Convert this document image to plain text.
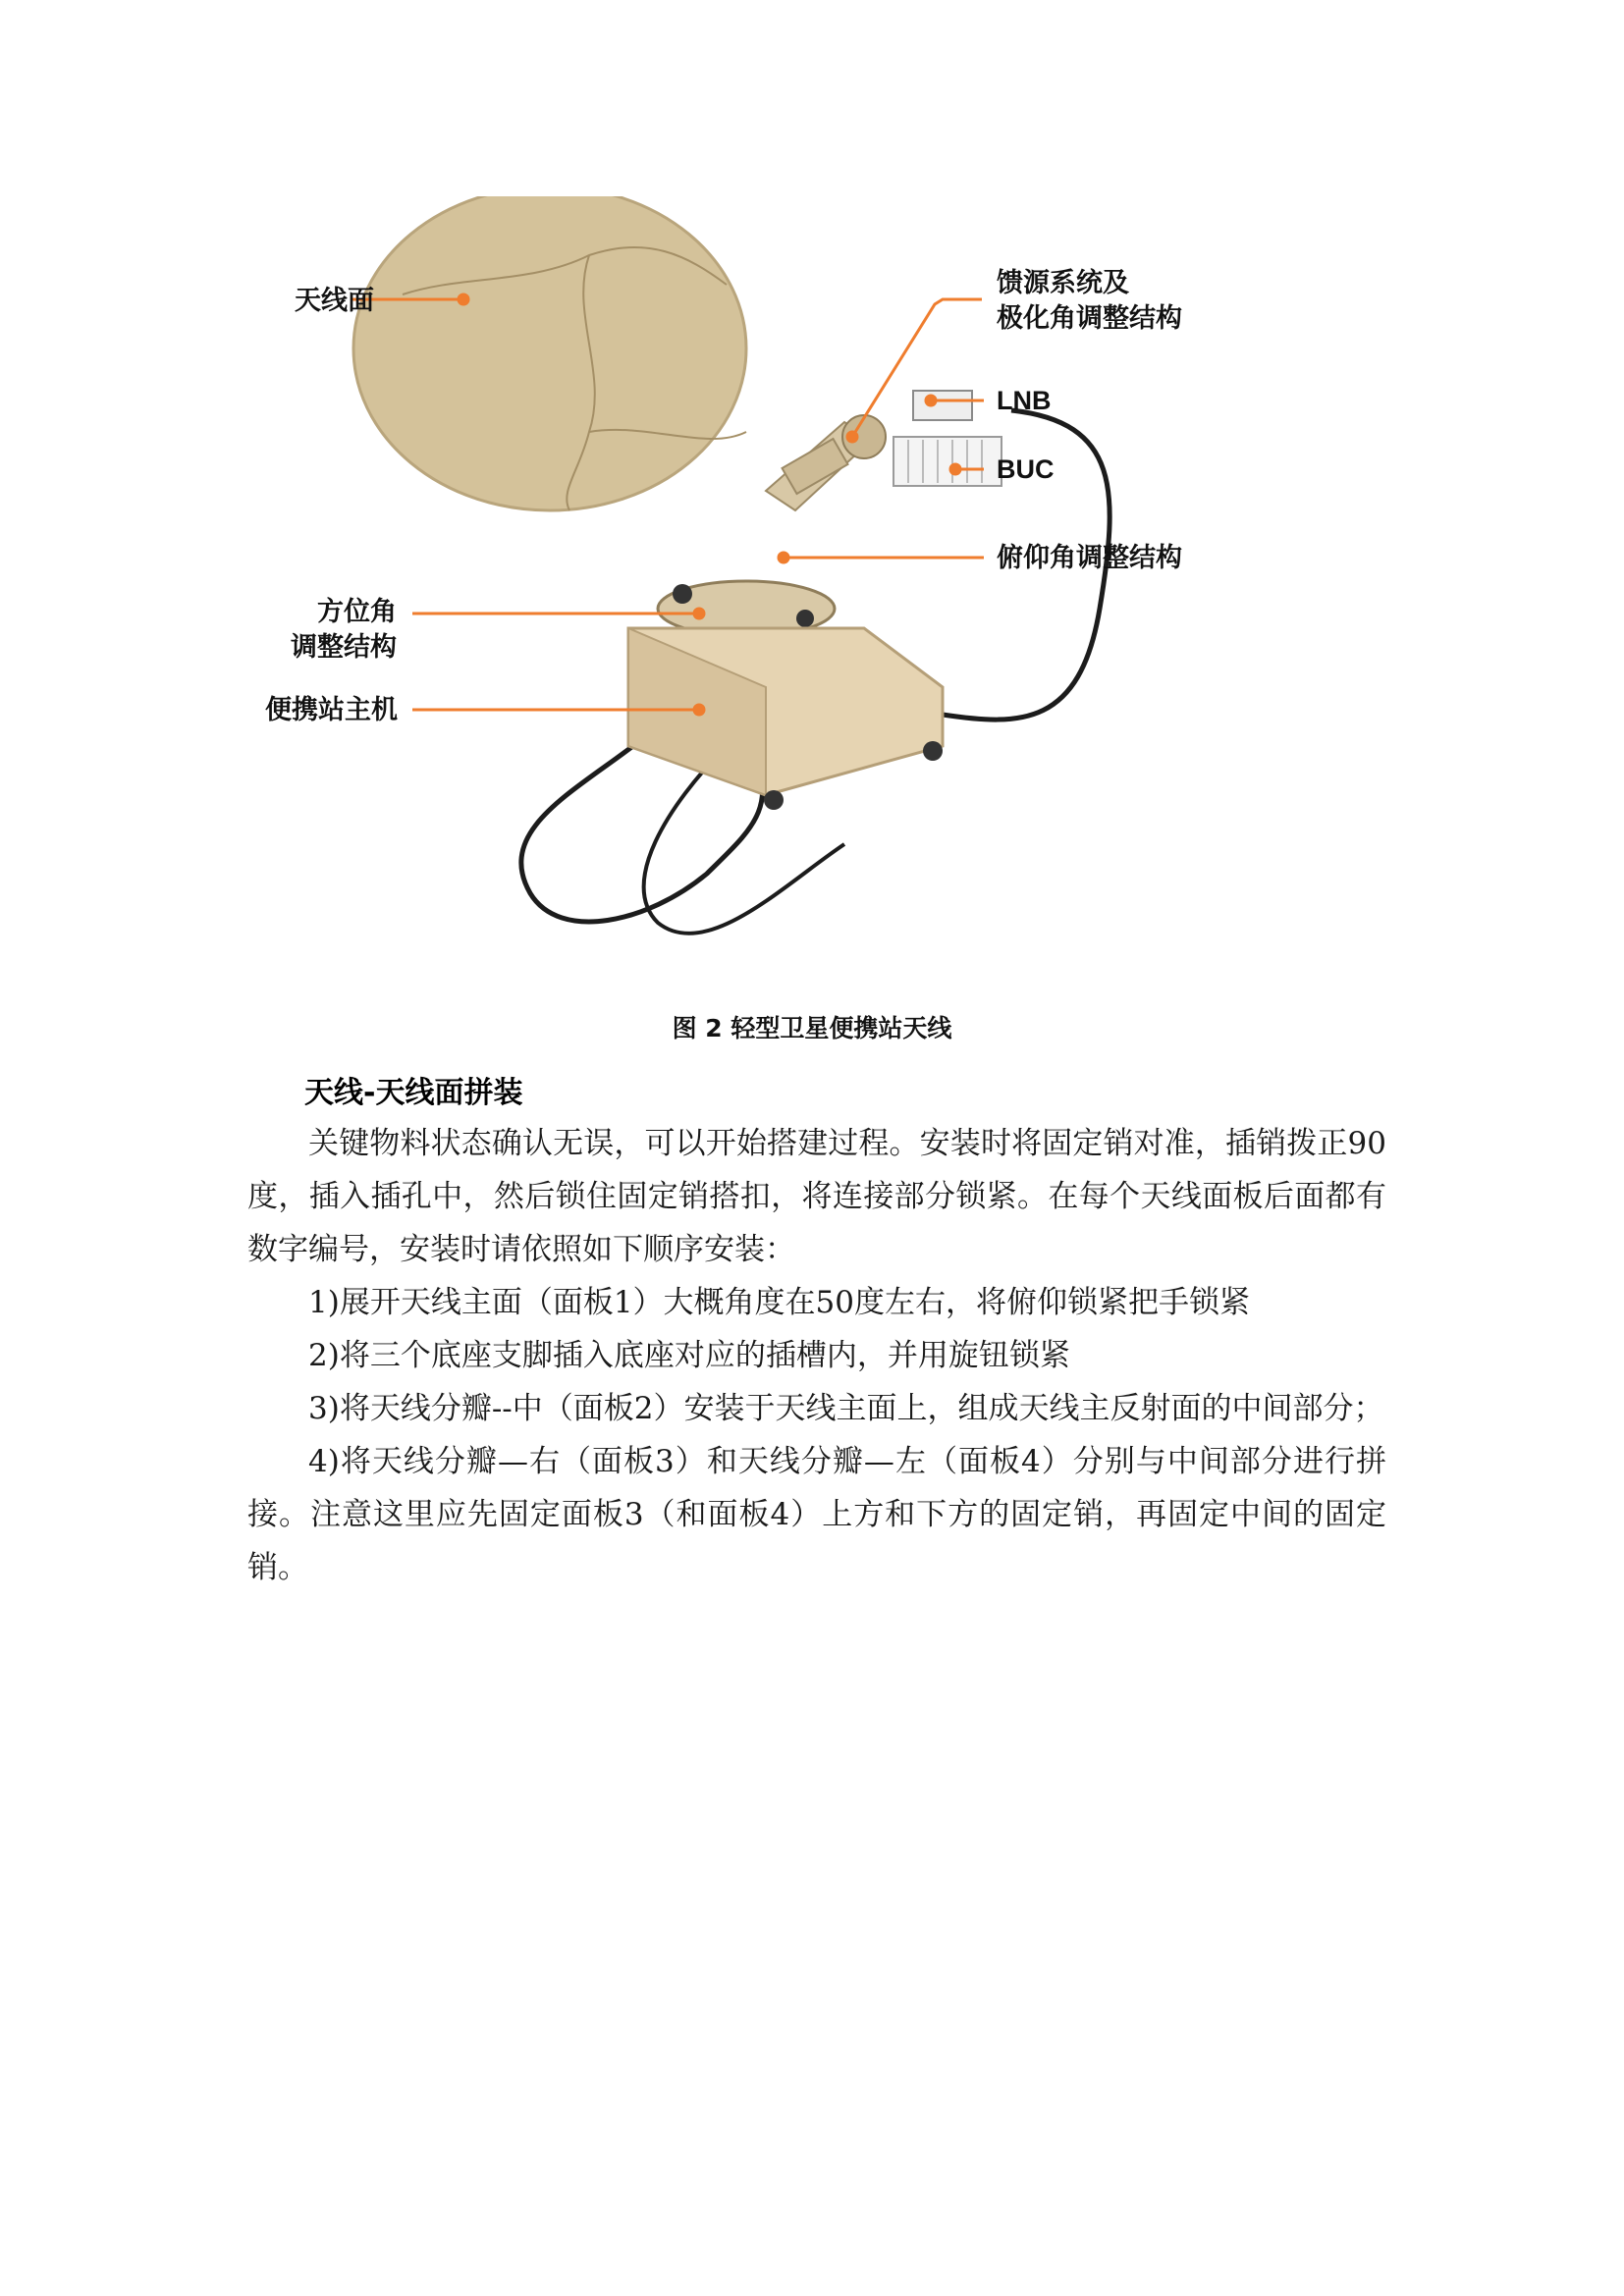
天线面
馈源系统及
极化角调整结构
LNB
BUC
俯仰角调整结构
方位角
调整结构
便携站主机
图 2 轻型卫星便携站天线
天线-天线面拼装

关键物料状态确认无误，可以开始搭建过程。安装时将固定销对准，插销拨正90度，插入插孔中，然后锁住固定销搭扣，将连接部分锁紧。在每个天线面板后面都有数字编号，安装时请依照如下顺序安装：

1)展开天线主面（面板1）大概角度在50度左右，将俯仰锁紧把手锁紧

2)将三个底座支脚插入底座对应的插槽内，并用旋钮锁紧

3)将天线分瓣--中（面板2）安装于天线主面上，组成天线主反射面的中间部分；

4)将天线分瓣—右（面板3）和天线分瓣—左（面板4）分别与中间部分进行拼接。注意这里应先固定面板3（和面板4）上方和下方的固定销，再固定中间的固定销。
